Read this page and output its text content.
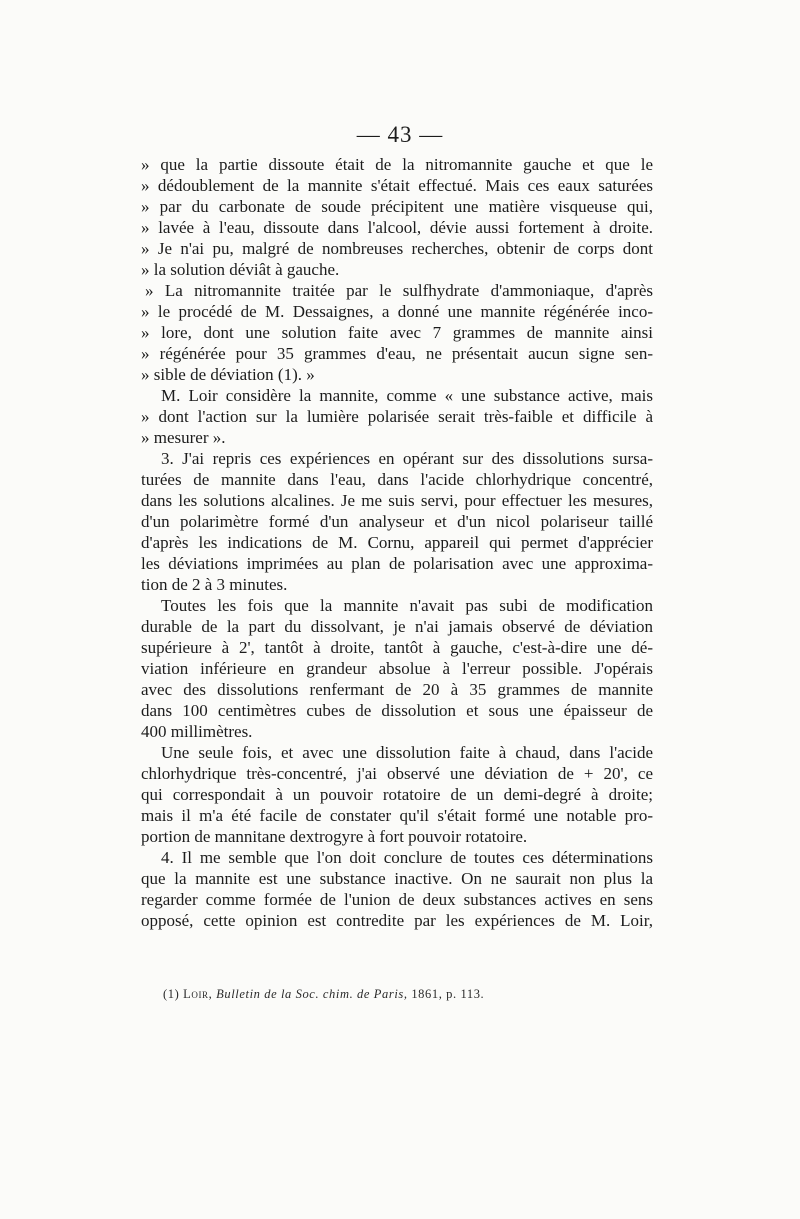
— 43 —
» que la partie dissoute était de la nitromannite gauche et que le
» dédoublement de la mannite s'était effectué. Mais ces eaux saturées
» par du carbonate de soude précipitent une matière visqueuse qui,
» lavée à l'eau, dissoute dans l'alcool, dévie aussi fortement à droite.
» Je n'ai pu, malgré de nombreuses recherches, obtenir de corps dont
» la solution déviât à gauche.
» La nitromannite traitée par le sulfhydrate d'ammoniaque, d'après
» le procédé de M. Dessaignes, a donné une mannite régénérée inco-
» lore, dont une solution faite avec 7 grammes de mannite ainsi
» régénérée pour 35 grammes d'eau, ne présentait aucun signe sen-
» sible de déviation (1). »
M. Loir considère la mannite, comme « une substance active, mais
» dont l'action sur la lumière polarisée serait très-faible et difficile à
» mesurer ».
3. J'ai repris ces expériences en opérant sur des dissolutions sursa-
turées de mannite dans l'eau, dans l'acide chlorhydrique concentré,
dans les solutions alcalines. Je me suis servi, pour effectuer les mesures,
d'un polarimètre formé d'un analyseur et d'un nicol polariseur taillé
d'après les indications de M. Cornu, appareil qui permet d'apprécier
les déviations imprimées au plan de polarisation avec une approxima-
tion de 2 à 3 minutes.
Toutes les fois que la mannite n'avait pas subi de modification
durable de la part du dissolvant, je n'ai jamais observé de déviation
supérieure à 2', tantôt à droite, tantôt à gauche, c'est-à-dire une dé-
viation inférieure en grandeur absolue à l'erreur possible. J'opérais
avec des dissolutions renfermant de 20 à 35 grammes de mannite
dans 100 centimètres cubes de dissolution et sous une épaisseur de
400 millimètres.
Une seule fois, et avec une dissolution faite à chaud, dans l'acide
chlorhydrique très-concentré, j'ai observé une déviation de + 20', ce
qui correspondait à un pouvoir rotatoire de un demi-degré à droite;
mais il m'a été facile de constater qu'il s'était formé une notable pro-
portion de mannitane dextrogyre à fort pouvoir rotatoire.
4. Il me semble que l'on doit conclure de toutes ces déterminations
que la mannite est une substance inactive. On ne saurait non plus la
regarder comme formée de l'union de deux substances actives en sens
opposé, cette opinion est contredite par les expériences de M. Loir,
(1) Loir, Bulletin de la Soc. chim. de Paris, 1861, p. 113.
